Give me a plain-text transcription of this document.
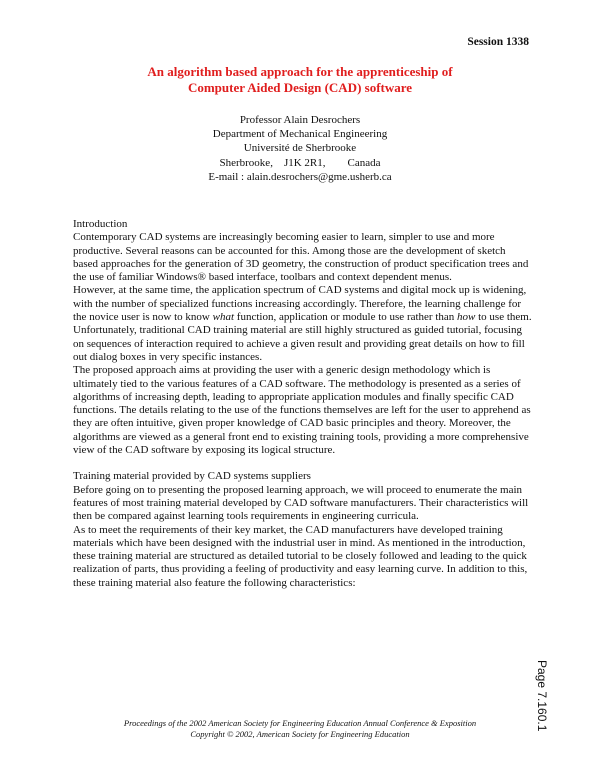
Session 1338
An algorithm based approach for the apprenticeship of
Computer Aided Design (CAD) software
Professor Alain Desrochers
Department of Mechanical Engineering
Université de Sherbrooke
Sherbrooke,    J1K 2R1,        Canada
E-mail : alain.desrochers@gme.usherb.ca

Introduction

Contemporary CAD systems are increasingly becoming easier to learn, simpler to use and more productive. Several reasons can be accounted for this. Among those are the development of sketch based approaches for the generation of 3D geometry, the construction of product specification trees and the use of familiar Windows® based interface, toolbars and context dependent menus.

However, at the same time, the application spectrum of CAD systems and digital mock up is widening, with the number of specialized functions increasing accordingly. Therefore, the learning challenge for the novice user is now to know what function, application or module to use rather than how to use them.

Unfortunately, traditional CAD training material are still highly structured as guided tutorial, focusing on sequences of interaction required to achieve a given result and providing great details on how to fill out dialog boxes in very specific instances.

The proposed approach aims at providing the user with a generic design methodology which is ultimately tied to the various features of a CAD software. The methodology is presented as a series of algorithms of increasing depth, leading to appropriate application modules and finally specific CAD functions. The details relating to the use of the functions themselves are left for the user to apprehend as they are often intuitive, given proper knowledge of CAD basic principles and theory. Moreover, the algorithms are viewed as a general front end to existing training tools, providing a more comprehensive view of the CAD software by exposing its logical structure.

Training material provided by CAD systems suppliers

Before going on to presenting the proposed learning approach, we will proceed to enumerate the main features of most training material developed by CAD software manufacturers. Their characteristics will then be compared against learning tools requirements in engineering curricula.

As to meet the requirements of their key market, the CAD manufacturers have developed training materials which have been designed with the industrial user in mind. As mentioned in the introduction, these training material are structured as detailed tutorial to be closely followed and leading to the quick realization of parts, thus providing a feeling of productivity and easy learning curve. In addition to this, these training material also feature the following characteristics:

Proceedings of the 2002 American Society for Engineering Education Annual Conference & Exposition
Copyright © 2002, American Society for Engineering Education
Page 7.160.1
